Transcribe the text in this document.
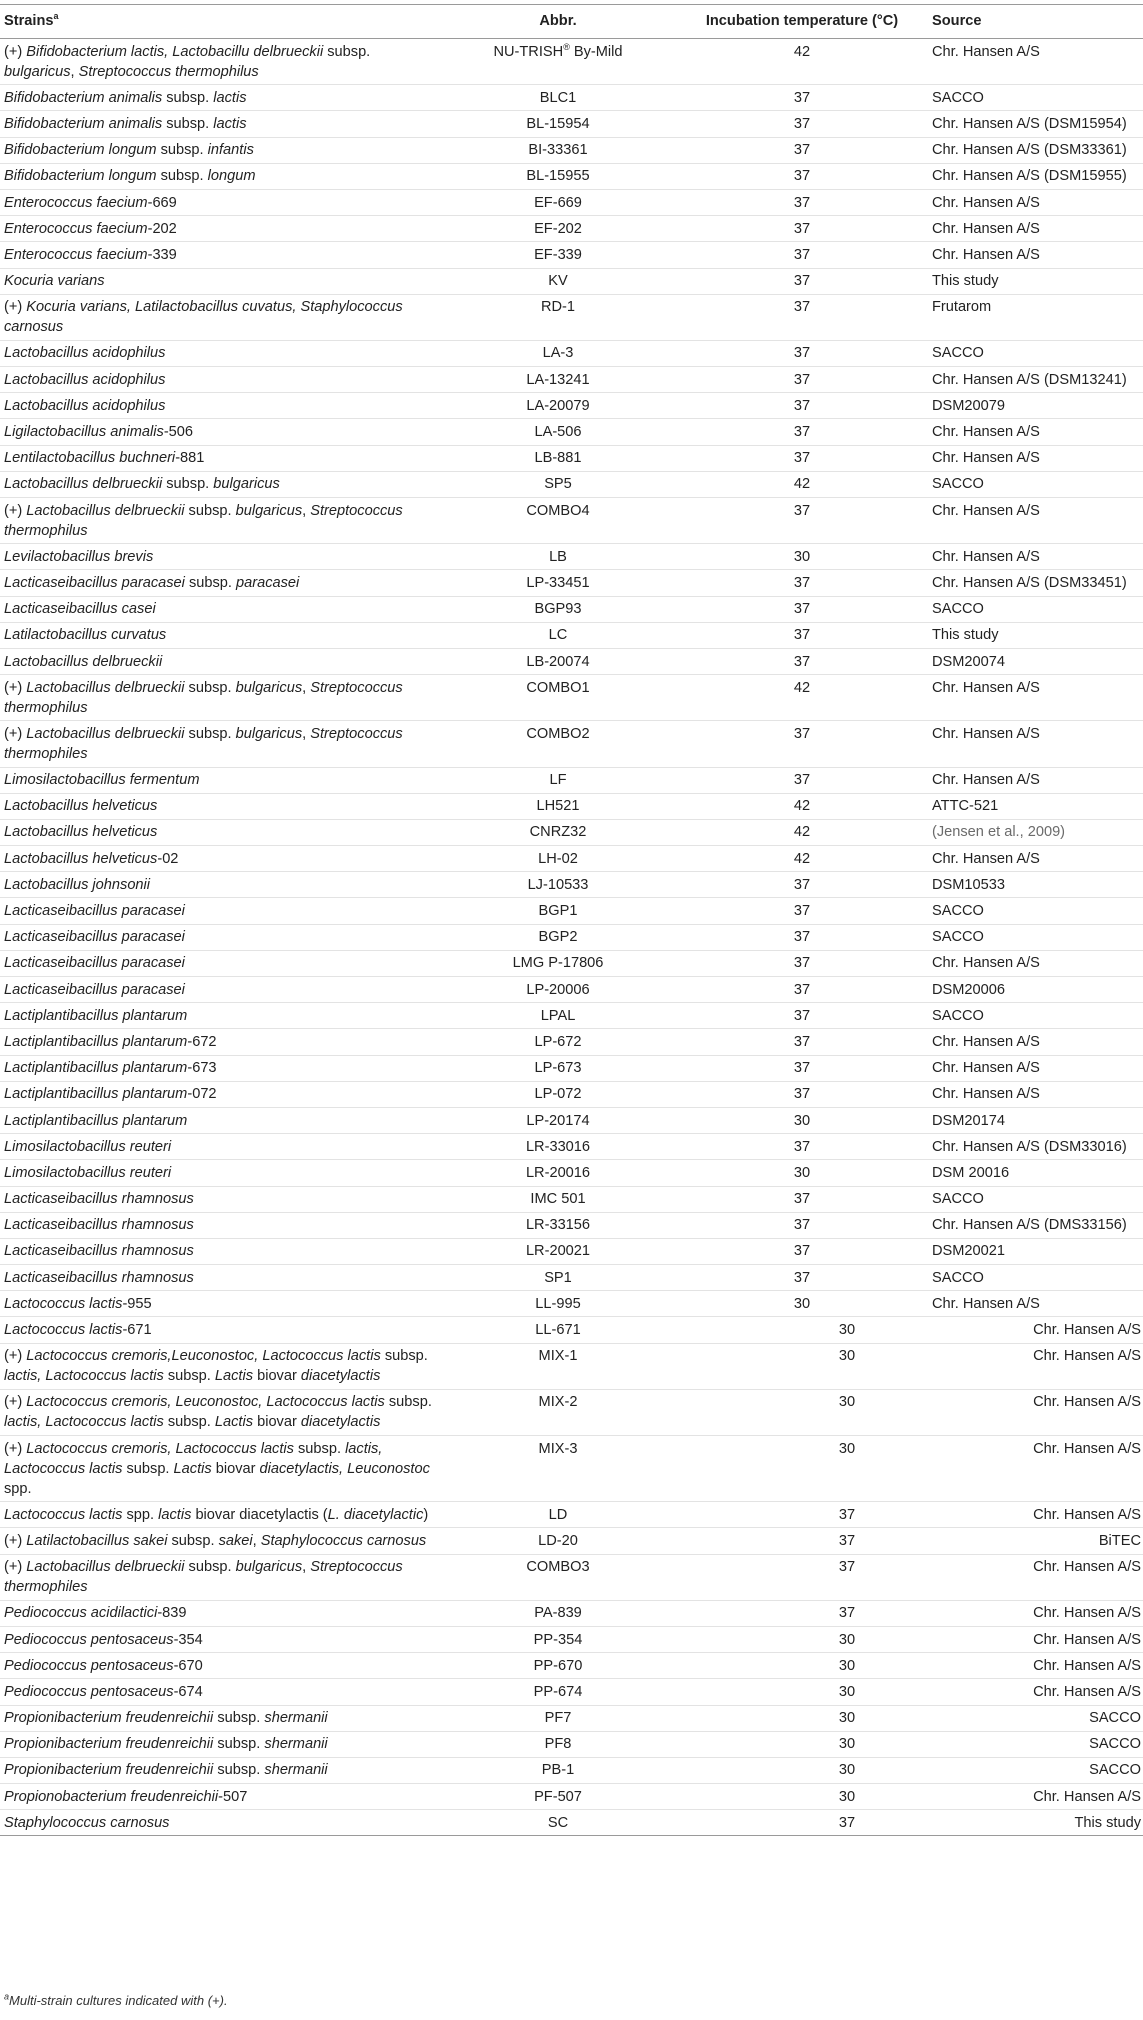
Strains$^a$	Abbr.	Incubation temperature (°C)	Source
(+) Bifidobacterium lactis, Lactobacillu delbrueckii subsp. bulgaricus, Streptococcus thermophilus	NU-TRISH® By-Mild	42	Chr. Hansen A/S
Bifidobacterium animalis subsp. lactis	BLC1	37	SACCO
Bifidobacterium animalis subsp. lactis	BL-15954	37	Chr. Hansen A/S (DSM15954)
Bifidobacterium longum subsp. infantis	BI-33361	37	Chr. Hansen A/S (DSM33361)
Bifidobacterium longum subsp. longum	BL-15955	37	Chr. Hansen A/S (DSM15955)
Enterococcus faecium-669	EF-669	37	Chr. Hansen A/S
Enterococcus faecium-202	EF-202	37	Chr. Hansen A/S
Enterococcus faecium-339	EF-339	37	Chr. Hansen A/S
Kocuria varians	KV	37	This study
(+) Kocuria varians, Latilactobacillus cuvatus, Staphylococcus carnosus	RD-1	37	Frutarom
Lactobacillus acidophilus	LA-3	37	SACCO
Lactobacillus acidophilus	LA-13241	37	Chr. Hansen A/S (DSM13241)
Lactobacillus acidophilus	LA-20079	37	DSM20079
Ligilactobacillus animalis-506	LA-506	37	Chr. Hansen A/S
Lentilactobacillus buchneri-881	LB-881	37	Chr. Hansen A/S
Lactobacillus delbrueckii subsp. bulgaricus	SP5	42	SACCO
(+) Lactobacillus delbrueckii subsp. bulgaricus, Streptococcus thermophilus	COMBO4	37	Chr. Hansen A/S
Levilactobacillus brevis	LB	30	Chr. Hansen A/S
Lacticaseibacillus paracasei subsp. paracasei	LP-33451	37	Chr. Hansen A/S (DSM33451)
Lacticaseibacillus casei	BGP93	37	SACCO
Latilactobacillus curvatus	LC	37	This study
Lactobacillus delbrueckii	LB-20074	37	DSM20074
(+) Lactobacillus delbrueckii subsp. bulgaricus, Streptococcus thermophilus	COMBO1	42	Chr. Hansen A/S
(+) Lactobacillus delbrueckii subsp. bulgaricus, Streptococcus thermophiles	COMBO2	37	Chr. Hansen A/S
Limosilactobacillus fermentum	LF	37	Chr. Hansen A/S
Lactobacillus helveticus	LH521	42	ATTC-521
Lactobacillus helveticus	CNRZ32	42	(Jensen et al., 2009)
Lactobacillus helveticus-02	LH-02	42	Chr. Hansen A/S
Lactobacillus johnsonii	LJ-10533	37	DSM10533
Lacticaseibacillus paracasei	BGP1	37	SACCO
Lacticaseibacillus paracasei	BGP2	37	SACCO
Lacticaseibacillus paracasei	LMG P-17806	37	Chr. Hansen A/S
Lacticaseibacillus paracasei	LP-20006	37	DSM20006
Lactiplantibacillus plantarum	LPAL	37	SACCO
Lactiplantibacillus plantarum-672	LP-672	37	Chr. Hansen A/S
Lactiplantibacillus plantarum-673	LP-673	37	Chr. Hansen A/S
Lactiplantibacillus plantarum-072	LP-072	37	Chr. Hansen A/S
Lactiplantibacillus plantarum	LP-20174	30	DSM20174
Limosilactobacillus reuteri	LR-33016	37	Chr. Hansen A/S (DSM33016)
Limosilactobacillus reuteri	LR-20016	30	DSM 20016
Lacticaseibacillus rhamnosus	IMC 501	37	SACCO
Lacticaseibacillus rhamnosus	LR-33156	37	Chr. Hansen A/S (DMS33156)
Lacticaseibacillus rhamnosus	LR-20021	37	DSM20021
Lacticaseibacillus rhamnosus	SP1	37	SACCO
Lactococcus lactis-955	LL-995	30	Chr. Hansen A/S
Lactococcus lactis-671	LL-671	30	Chr. Hansen A/S
(+) Lactococcus cremoris,Leuconostoc, Lactococcus lactis subsp. lactis, Lactococcus lactis subsp. Lactis biovar diacetylactis	MIX-1	30	Chr. Hansen A/S
(+) Lactococcus cremoris, Leuconostoc, Lactococcus lactis subsp. lactis, Lactococcus lactis subsp. Lactis biovar diacetylactis	MIX-2	30	Chr. Hansen A/S
(+) Lactococcus cremoris, Lactococcus lactis subsp. lactis, Lactococcus lactis subsp. Lactis biovar diacetylactis, Leuconostoc spp.	MIX-3	30	Chr. Hansen A/S
Lactococcus lactis spp. lactis biovar diacetylactis (L. diacetylactic)	LD	37	Chr. Hansen A/S
(+) Latilactobacillus sakei subsp. sakei, Staphylococcus carnosus	LD-20	37	BiTEC
(+) Lactobacillus delbrueckii subsp. bulgaricus, Streptococcus thermophiles	COMBO3	37	Chr. Hansen A/S
Pediococcus acidilactici-839	PA-839	37	Chr. Hansen A/S
Pediococcus pentosaceus-354	PP-354	30	Chr. Hansen A/S
Pediococcus pentosaceus-670	PP-670	30	Chr. Hansen A/S
Pediococcus pentosaceus-674	PP-674	30	Chr. Hansen A/S
Propionibacterium freudenreichii subsp. shermanii	PF7	30	SACCO
Propionibacterium freudenreichii subsp. shermanii	PF8	30	SACCO
Propionibacterium freudenreichii subsp. shermanii	PB-1	30	SACCO
Propionobacterium freudenreichii-507	PF-507	30	Chr. Hansen A/S
Staphylococcus carnosus	SC	37	This study
$^a$Multi-strain cultures indicated with (+).
